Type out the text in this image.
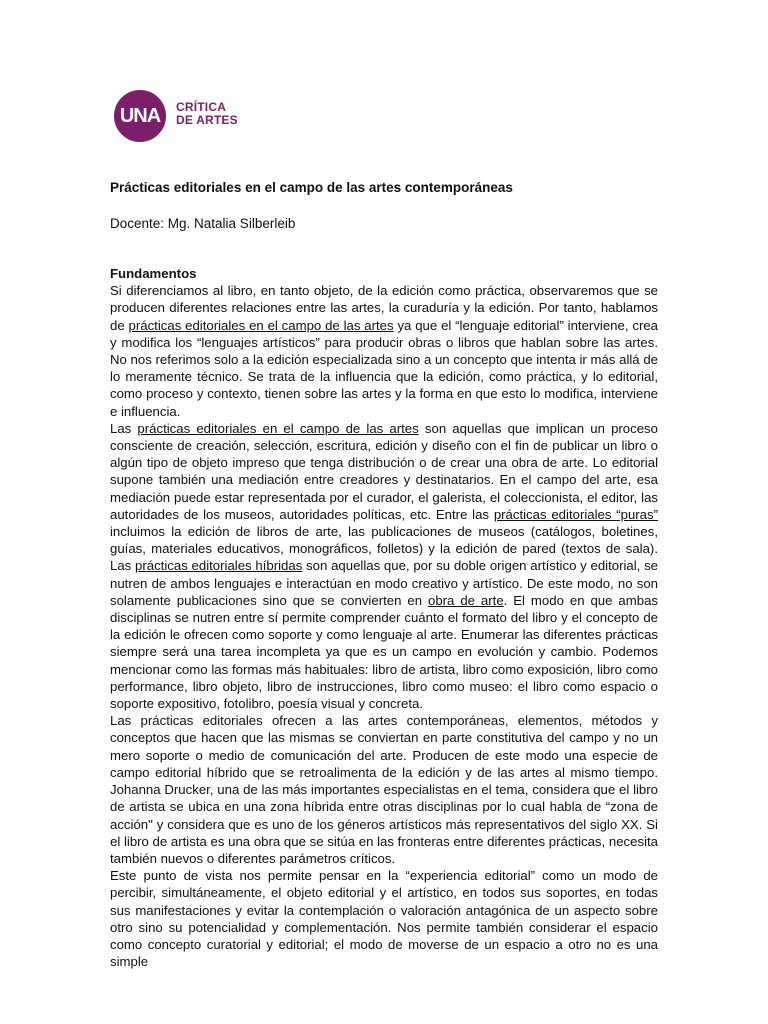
UNA	CRÍTICA
DE ARTES
Prácticas editoriales en el campo de las artes contemporáneas
Docente: Mg. Natalia Silberleib
Fundamentos

Si diferenciamos al libro, en tanto objeto, de la edición como práctica, observaremos que se producen diferentes relaciones entre las artes, la curaduría y la edición. Por tanto, hablamos de prácticas editoriales en el campo de las artes ya que el “lenguaje editorial” interviene, crea y modifica los “lenguajes artísticos” para producir obras o libros que hablan sobre las artes. No nos referimos solo a la edición especializada sino a un concepto que intenta ir más allá de lo meramente técnico. Se trata de la influencia que la edición, como práctica, y lo editorial, como proceso y contexto, tienen sobre las artes y la forma en que esto lo modifica, interviene e influencia.

Las prácticas editoriales en el campo de las artes son aquellas que implican un proceso consciente de creación, selección, escritura, edición y diseño con el fin de publicar un libro o algún tipo de objeto impreso que tenga distribución o de crear una obra de arte. Lo editorial supone también una mediación entre creadores y destinatarios. En el campo del arte, esa mediación puede estar representada por el curador, el galerista, el coleccionista, el editor, las autoridades de los museos, autoridades políticas, etc. Entre las prácticas editoriales “puras” incluimos la edición de libros de arte, las publicaciones de museos (catálogos, boletines, guías, materiales educativos, monográficos, folletos) y la edición de pared (textos de sala). Las prácticas editoriales híbridas son aquellas que, por su doble origen artístico y editorial, se nutren de ambos lenguajes e interactúan en modo creativo y artístico. De este modo, no son solamente publicaciones sino que se convierten en obra de arte. El modo en que ambas disciplinas se nutren entre sí permite comprender cuánto el formato del libro y el concepto de la edición le ofrecen como soporte y como lenguaje al arte. Enumerar las diferentes prácticas siempre será una tarea incompleta ya que es un campo en evolución y cambio. Podemos mencionar como las formas más habituales: libro de artista, libro como exposición, libro como performance, libro objeto, libro de instrucciones, libro como museo: el libro como espacio o soporte expositivo, fotolibro, poesía visual y concreta.

Las prácticas editoriales ofrecen a las artes contemporáneas, elementos, métodos y conceptos que hacen que las mismas se conviertan en parte constitutiva del campo y no un mero soporte o medio de comunicación del arte. Producen de este modo una especie de campo editorial híbrido que se retroalimenta de la edición y de las artes al mismo tiempo. Johanna Drucker, una de las más importantes especialistas en el tema, considera que el libro de artista se ubica en una zona híbrida entre otras disciplinas por lo cual habla de “zona de acción" y considera que es uno de los géneros artísticos más representativos del siglo XX. Si el libro de artista es una obra que se sitúa en las fronteras entre diferentes prácticas, necesita también nuevos o diferentes parámetros críticos.

Este punto de vista nos permite pensar en la “experiencia editorial” como un modo de percibir, simultáneamente, el objeto editorial y el artístico, en todos sus soportes, en todas sus manifestaciones y evitar la contemplación o valoración antagónica de un aspecto sobre otro sino su potencialidad y complementación. Nos permite también considerar el espacio como concepto curatorial y editorial; el modo de moverse de un espacio a otro no es una simple
